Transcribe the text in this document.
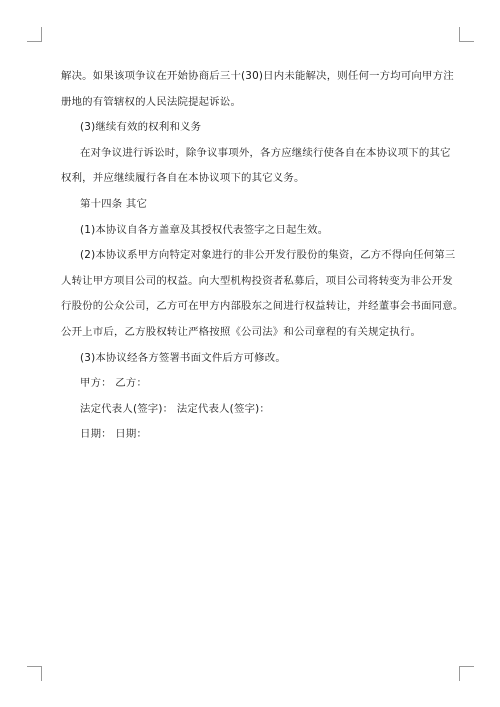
解决。如果该项争议在开始协商后三十(30)日内未能解决，则任何一方均可向甲方注
册地的有管辖权的人民法院提起诉讼。
(3)继续有效的权利和义务
在对争议进行诉讼时，除争议事项外，各方应继续行使各自在本协议项下的其它
权利，并应继续履行各自在本协议项下的其它义务。
第十四条 其它
(1)本协议自各方盖章及其授权代表签字之日起生效。
(2)本协议系甲方向特定对象进行的非公开发行股份的集资，乙方不得向任何第三
人转让甲方项目公司的权益。向大型机构投资者私募后，项目公司将转变为非公开发
行股份的公众公司，乙方可在甲方内部股东之间进行权益转让，并经董事会书面同意。
公开上市后，乙方股权转让严格按照《公司法》和公司章程的有关规定执行。
(3)本协议经各方签署书面文件后方可修改。
甲方： 乙方：
法定代表人(签字)： 法定代表人(签字)：
日期： 日期：
